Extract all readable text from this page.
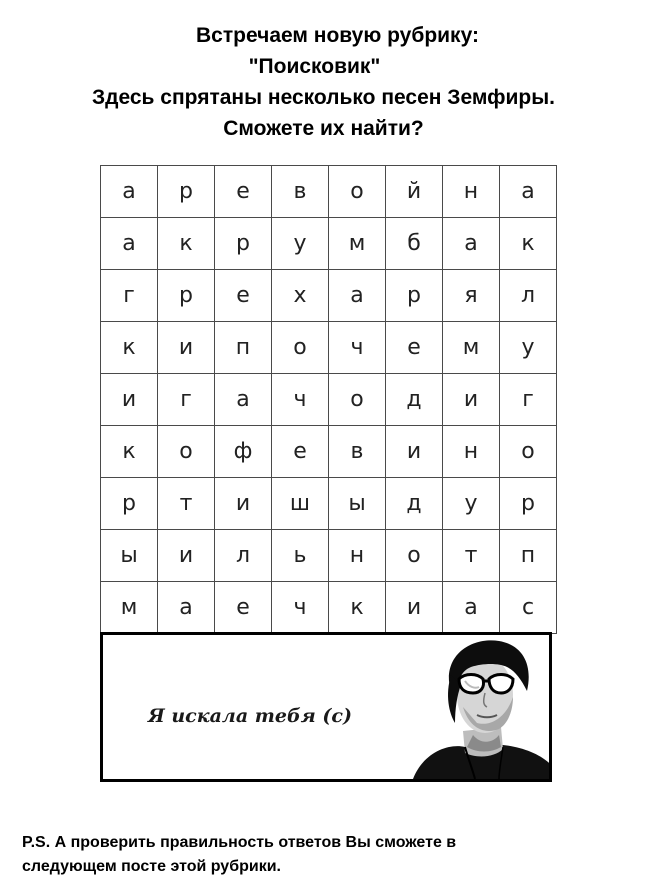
Встречаем новую рубрику:
"Поисковик"
Здесь спрятаны несколько песен Земфиры.
Сможете их найти?
а	р	е	в	о	й	н	а
а	к	р	у	м	б	а	к
г	р	е	х	а	р	я	л
к	и	п	о	ч	е	м	у
и	г	а	ч	о	д	и	г
к	о	ф	е	в	и	н	о
р	т	и	ш	ы	д	у	р
ы	и	л	ь	н	о	т	п
м	а	е	ч	к	и	а	с
Я искала тебя (с)
P.S. А проверить правильность ответов Вы сможете в
следующем посте этой рубрики.
